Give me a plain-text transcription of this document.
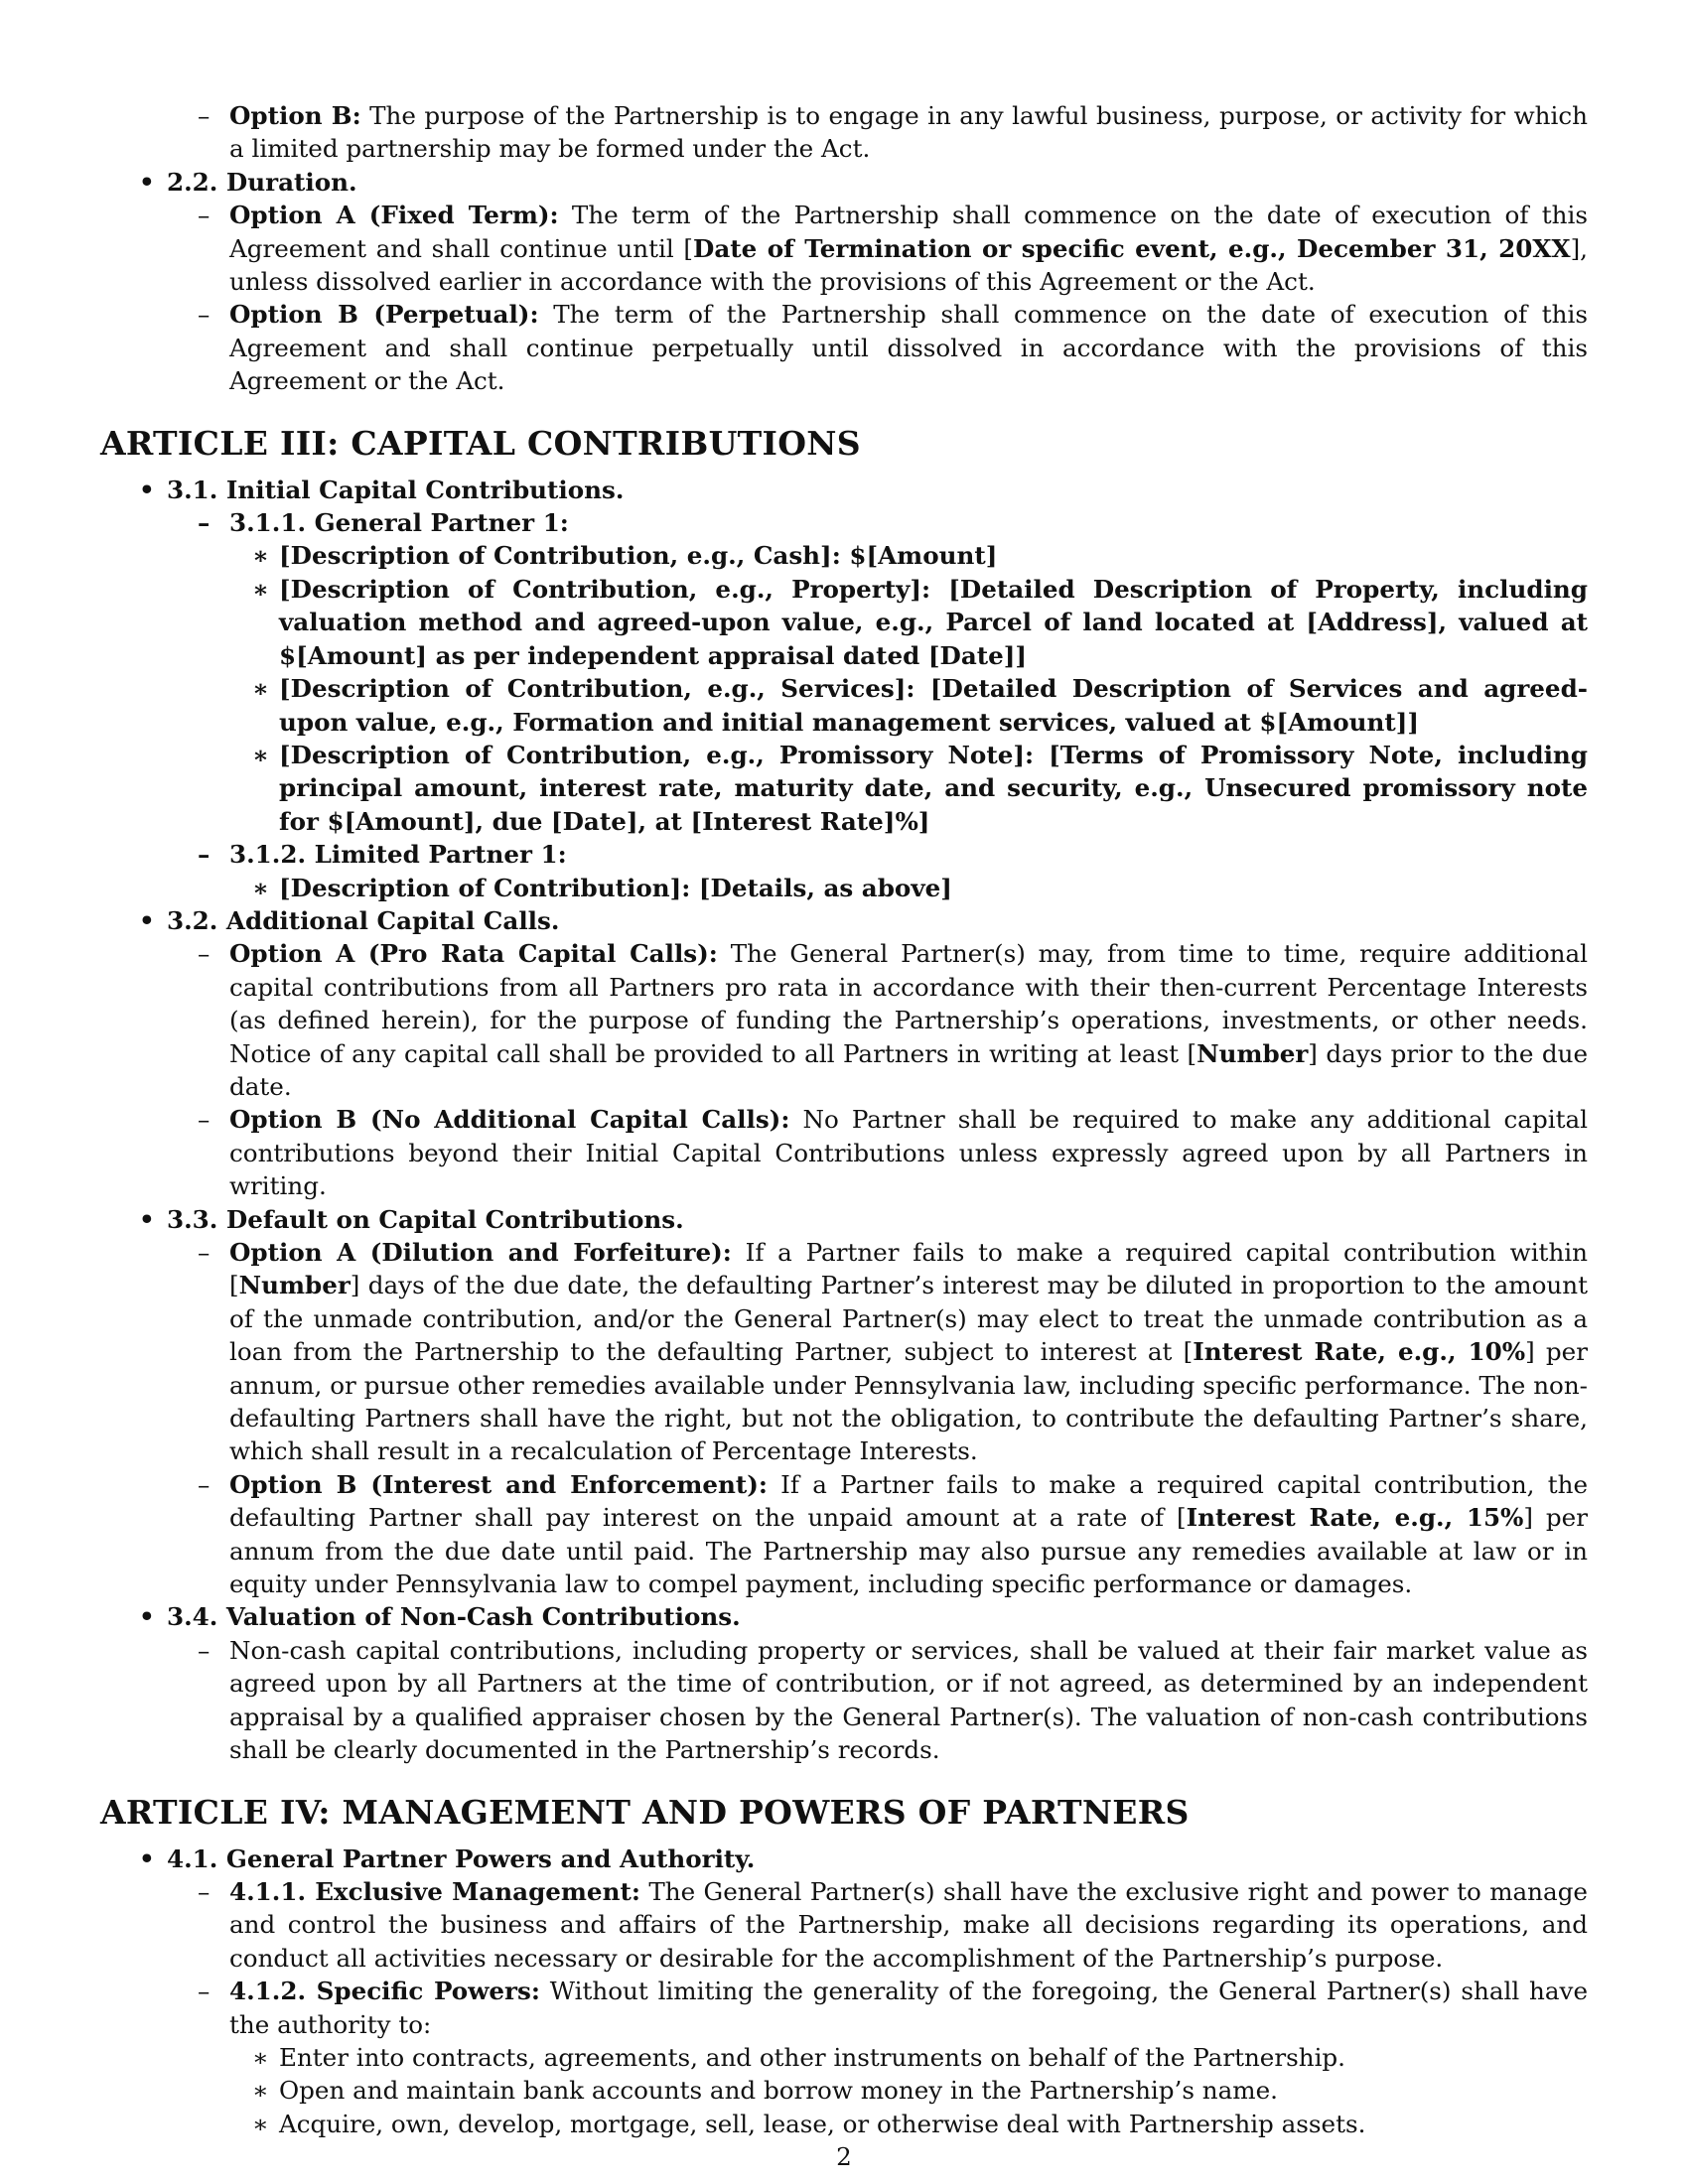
– Option B: The purpose of the Partnership is to engage in any lawful business, purpose, or activity for which a limited partnership may be formed under the Act.
• 2.2. Duration.
– Option A (Fixed Term): The term of the Partnership shall commence on the date of execution of this Agreement and shall continue until [Date of Termination or specific event, e.g., December 31, 20XX], unless dissolved earlier in accordance with the provisions of this Agreement or the Act.
– Option B (Perpetual): The term of the Partnership shall commence on the date of execution of this Agreement and shall continue perpetually until dissolved in accordance with the provisions of this Agreement or the Act.
ARTICLE III: CAPITAL CONTRIBUTIONS
• 3.1. Initial Capital Contributions.
– 3.1.1. General Partner 1:
∗ [Description of Contribution, e.g., Cash]: $[Amount]
∗ [Description of Contribution, e.g., Property]: [Detailed Description of Property, including valuation method and agreed-upon value, e.g., Parcel of land located at [Address], valued at $[Amount] as per independent appraisal dated [Date]]
∗ [Description of Contribution, e.g., Services]: [Detailed Description of Services and agreed-upon value, e.g., Formation and initial management services, valued at $[Amount]]
∗ [Description of Contribution, e.g., Promissory Note]: [Terms of Promissory Note, including principal amount, interest rate, maturity date, and security, e.g., Unsecured promissory note for $[Amount], due [Date], at [Interest Rate]%]
– 3.1.2. Limited Partner 1:
∗ [Description of Contribution]: [Details, as above]
• 3.2. Additional Capital Calls.
– Option A (Pro Rata Capital Calls): The General Partner(s) may, from time to time, require additional capital contributions from all Partners pro rata in accordance with their then-current Percentage Interests (as defined herein), for the purpose of funding the Partnership’s operations, investments, or other needs. Notice of any capital call shall be provided to all Partners in writing at least [Number] days prior to the due date.
– Option B (No Additional Capital Calls): No Partner shall be required to make any additional capital contributions beyond their Initial Capital Contributions unless expressly agreed upon by all Partners in writing.
• 3.3. Default on Capital Contributions.
– Option A (Dilution and Forfeiture): If a Partner fails to make a required capital contribution within [Number] days of the due date, the defaulting Partner’s interest may be diluted in proportion to the amount of the unmade contribution, and/or the General Partner(s) may elect to treat the unmade contribution as a loan from the Partnership to the defaulting Partner, subject to interest at [Interest Rate, e.g., 10%] per annum, or pursue other remedies available under Pennsylvania law, including specific performance. The non-defaulting Partners shall have the right, but not the obligation, to contribute the defaulting Partner’s share, which shall result in a recalculation of Percentage Interests.
– Option B (Interest and Enforcement): If a Partner fails to make a required capital contribution, the defaulting Partner shall pay interest on the unpaid amount at a rate of [Interest Rate, e.g., 15%] per annum from the due date until paid. The Partnership may also pursue any remedies available at law or in equity under Pennsylvania law to compel payment, including specific performance or damages.
• 3.4. Valuation of Non-Cash Contributions.
– Non-cash capital contributions, including property or services, shall be valued at their fair market value as agreed upon by all Partners at the time of contribution, or if not agreed, as determined by an independent appraisal by a qualified appraiser chosen by the General Partner(s). The valuation of non-cash contributions shall be clearly documented in the Partnership’s records.
ARTICLE IV: MANAGEMENT AND POWERS OF PARTNERS
• 4.1. General Partner Powers and Authority.
– 4.1.1. Exclusive Management: The General Partner(s) shall have the exclusive right and power to manage and control the business and affairs of the Partnership, make all decisions regarding its operations, and conduct all activities necessary or desirable for the accomplishment of the Partnership’s purpose.
– 4.1.2. Specific Powers: Without limiting the generality of the foregoing, the General Partner(s) shall have the authority to:
∗ Enter into contracts, agreements, and other instruments on behalf of the Partnership.
∗ Open and maintain bank accounts and borrow money in the Partnership’s name.
∗ Acquire, own, develop, mortgage, sell, lease, or otherwise deal with Partnership assets.
2
